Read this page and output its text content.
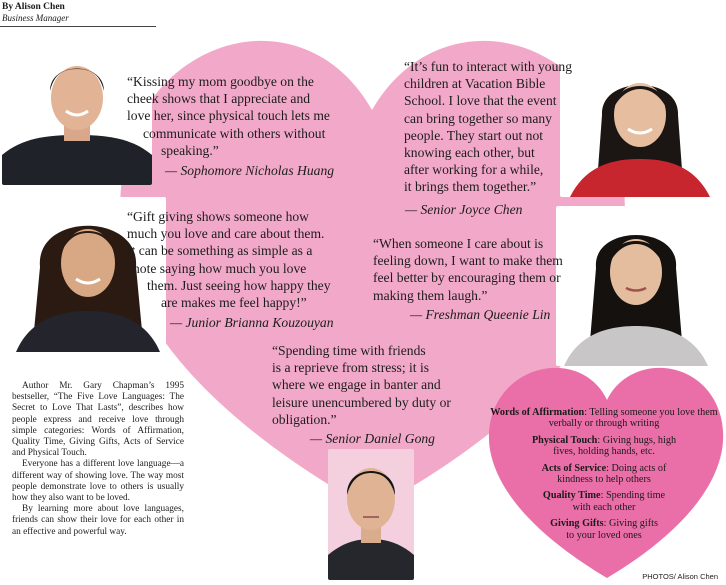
By Alison Chen
Business Manager

“Kissing my mom goodbye on the

cheek shows that I appreciate and

love her, since physical touch lets me

communicate with others without

speaking.”

— Sophomore Nicholas Huang

“It’s fun to interact with young

children at Vacation Bible

School. I love that the event

can bring together so many

people. They start out not

knowing each other, but

after working for a while,

it brings them together.”

— Senior Joyce Chen

“Gift giving shows someone how

much you love and care about them.

It can be something as simple as a

note saying how much you love

them. Just seeing how happy they

are makes me feel happy!”

— Junior Brianna Kouzouyan

“When someone I care about is

feeling down, I want to make them

feel better by encouraging them or

making them laugh.”

— Freshman Queenie Lin

“Spending time with friends

is a reprieve from stress; it is

where we engage in banter and

leisure unencumbered by duty or

obligation.”

— Senior Daniel Gong

Author Mr. Gary Chapman’s 1995 bestseller, “The Five Love Languages: The Secret to Love That Lasts”, describes how people express and receive love through simple categories: Words of Affirmation, Quality Time, Giving Gifts, Acts of Service and Physical Touch.

Everyone has a different love language—a different way of showing love. The way most people demonstrate love to others is usually how they also want to be loved.

By learning more about love languages, friends can show their love for each other in an effective and powerful way.

Words of Affirmation: Telling someone you love them verbally or through writing
Physical Touch: Giving hugs, high fives, holding hands, etc.
Acts of Service: Doing acts of kindness to help others
Quality Time: Spending time with each other
Giving Gifts: Giving gifts to your loved ones
PHOTOS/ Alison Chen
